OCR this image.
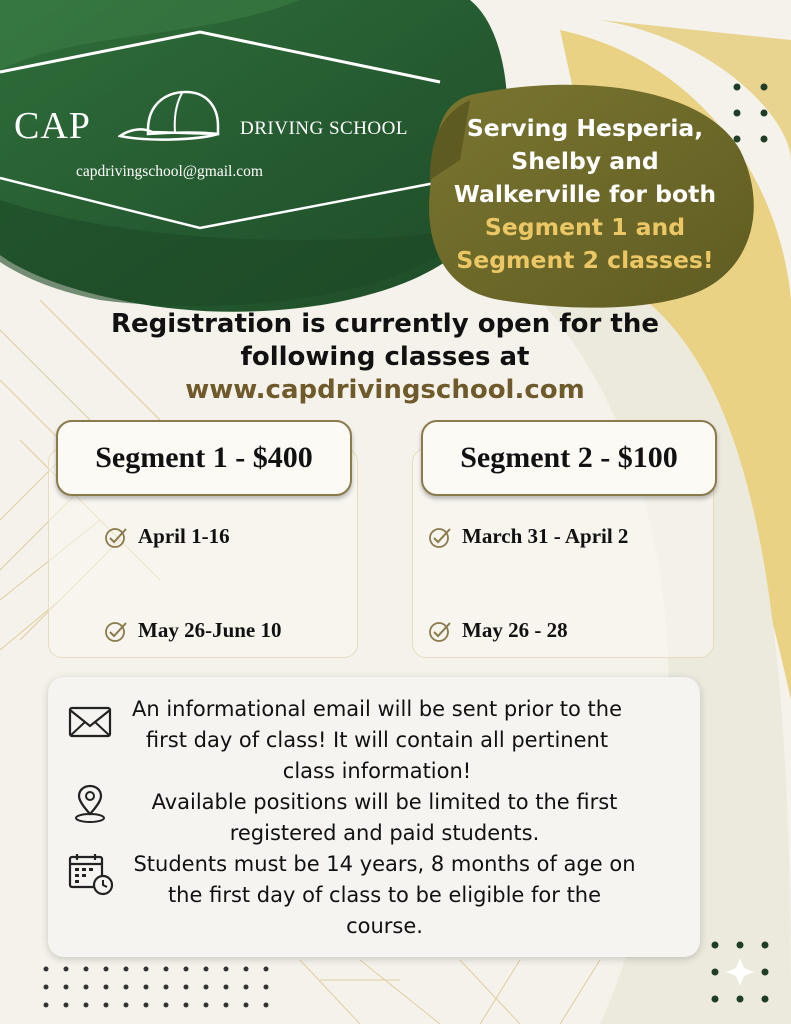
CAP	DRIVING SCHOOL
capdrivingschool@gmail.com
Serving Hesperia,
Shelby and
Walkerville for both
Segment 1 and
Segment 2 classes!
Registration is currently open for the
following classes at
www.capdrivingschool.com
Segment 1 - $400	Segment 2 - $100
April 1-16
May 26-June 10
March 31 - April 2
May 26 - 28
An informational email will be sent prior to the
first day of class! It will contain all pertinent
class information!
Available positions will be limited to the first
registered and paid students.
Students must be 14 years, 8 months of age on
the first day of class to be eligible for the
course.
